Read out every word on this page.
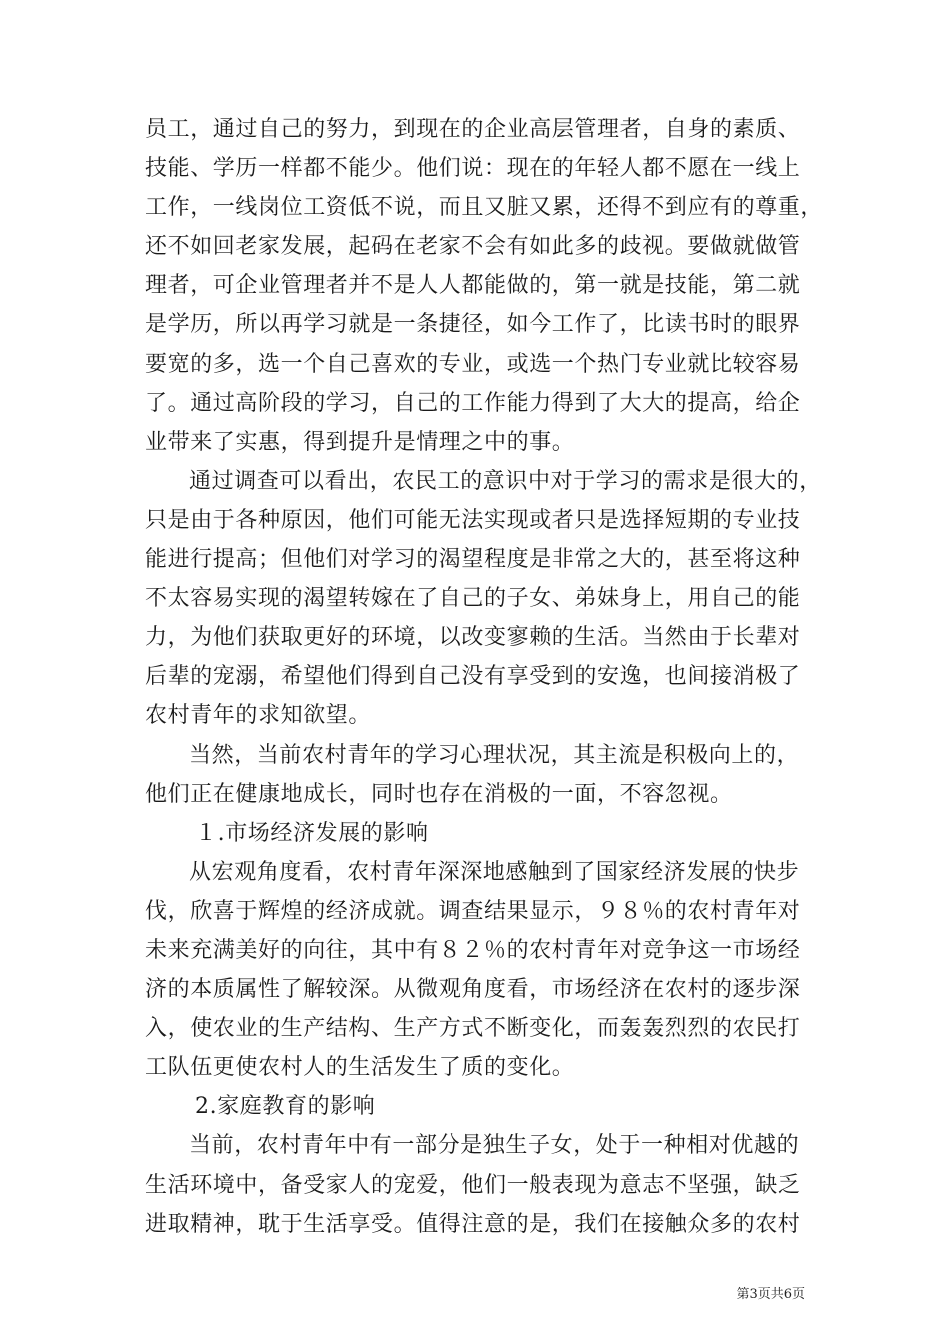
员工，通过自己的努力，到现在的企业高层管理者，自身的素质、
技能、学历一样都不能少。他们说：现在的年轻人都不愿在一线上
工作，一线岗位工资低不说，而且又脏又累，还得不到应有的尊重，
还不如回老家发展，起码在老家不会有如此多的歧视。要做就做管
理者，可企业管理者并不是人人都能做的，第一就是技能，第二就
是学历，所以再学习就是一条捷径，如今工作了，比读书时的眼界
要宽的多，选一个自己喜欢的专业，或选一个热门专业就比较容易
了。通过高阶段的学习，自己的工作能力得到了大大的提高，给企
业带来了实惠，得到提升是情理之中的事。
通过调查可以看出，农民工的意识中对于学习的需求是很大的，
只是由于各种原因，他们可能无法实现或者只是选择短期的专业技
能进行提高；但他们对学习的渴望程度是非常之大的，甚至将这种
不太容易实现的渴望转嫁在了自己的子女、弟妹身上，用自己的能
力，为他们获取更好的环境，以改变寥赖的生活。当然由于长辈对
后辈的宠溺，希望他们得到自己没有享受到的安逸，也间接消极了
农村青年的求知欲望。
当然，当前农村青年的学习心理状况，其主流是积极向上的，
他们正在健康地成长，同时也存在消极的一面，不容忽视。
１.市场经济发展的影响
从宏观角度看，农村青年深深地感触到了国家经济发展的快步
伐，欣喜于辉煌的经济成就。调查结果显示，９８％的农村青年对
未来充满美好的向往，其中有８２％的农村青年对竞争这一市场经
济的本质属性了解较深。从微观角度看，市场经济在农村的逐步深
入，使农业的生产结构、生产方式不断变化，而轰轰烈烈的农民打
工队伍更使农村人的生活发生了质的变化。
2.家庭教育的影响
当前，农村青年中有一部分是独生子女，处于一种相对优越的
生活环境中，备受家人的宠爱，他们一般表现为意志不坚强，缺乏
进取精神，耽于生活享受。值得注意的是，我们在接触众多的农村
第3页共6页
